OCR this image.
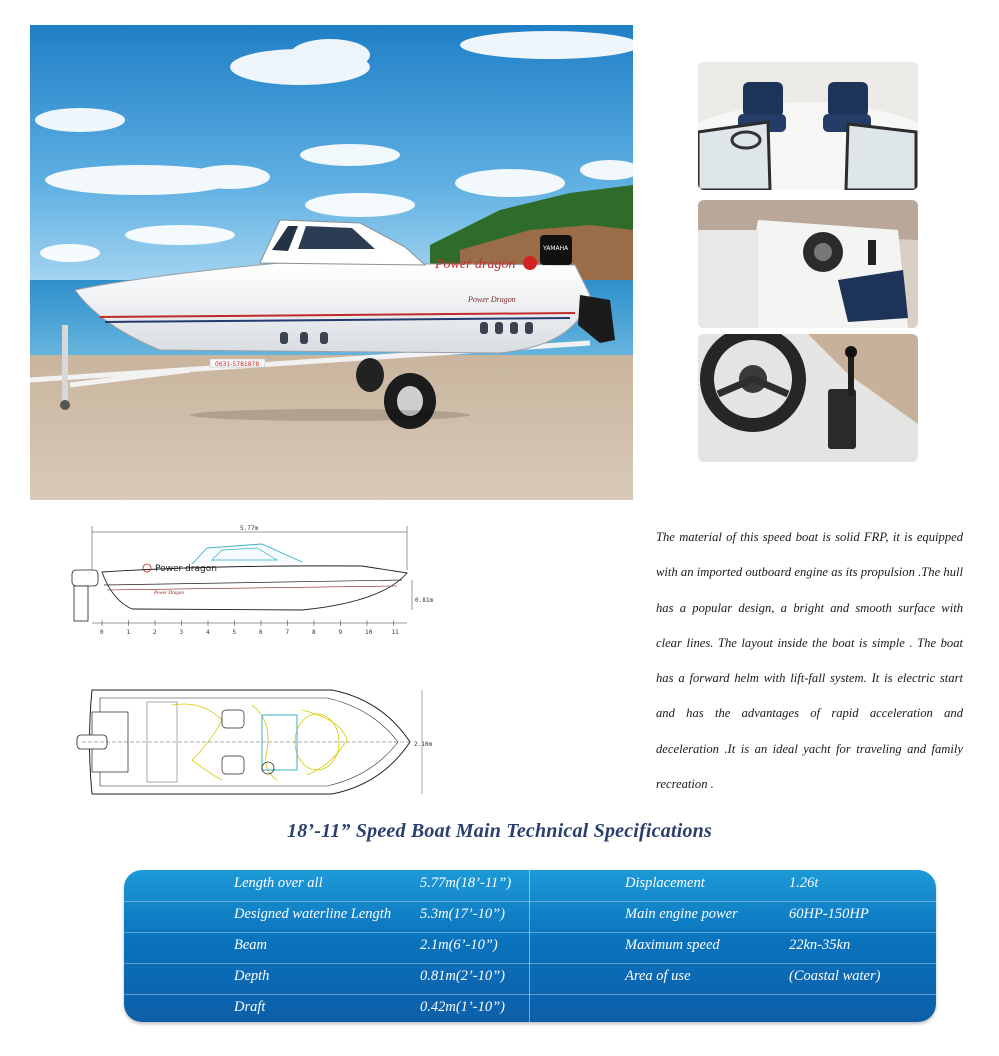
0631-5781878
YAMAHA
Power dragon
Power Dragon
5.77m
Power dragon
Power Dragon
0.81m
0	1	2	3	4	5	6	7	8	9	10	11
2.10m
The material of this speed boat is solid FRP, it is equipped with an imported outboard engine as its propulsion .The hull has a popular design, a bright and smooth surface with clear lines. The layout inside the boat is simple . The boat has a forward helm with lift-fall system. It is electric start and has the advantages of rapid acceleration and deceleration .It is an ideal yacht for traveling and family recreation .
18’-11” Speed Boat Main Technical Specifications
Length over all	5.77m(18’-11”)	Displacement	1.26t
Designed waterline Length 5.3m(17’-10”)	Main engine power	60HP-150HP
Beam	2.1m(6’-10”)	Maximum speed	22kn-35kn
Depth	0.81m(2’-10”)	Area of use	(Coastal water)
Draft	0.42m(1’-10”)
